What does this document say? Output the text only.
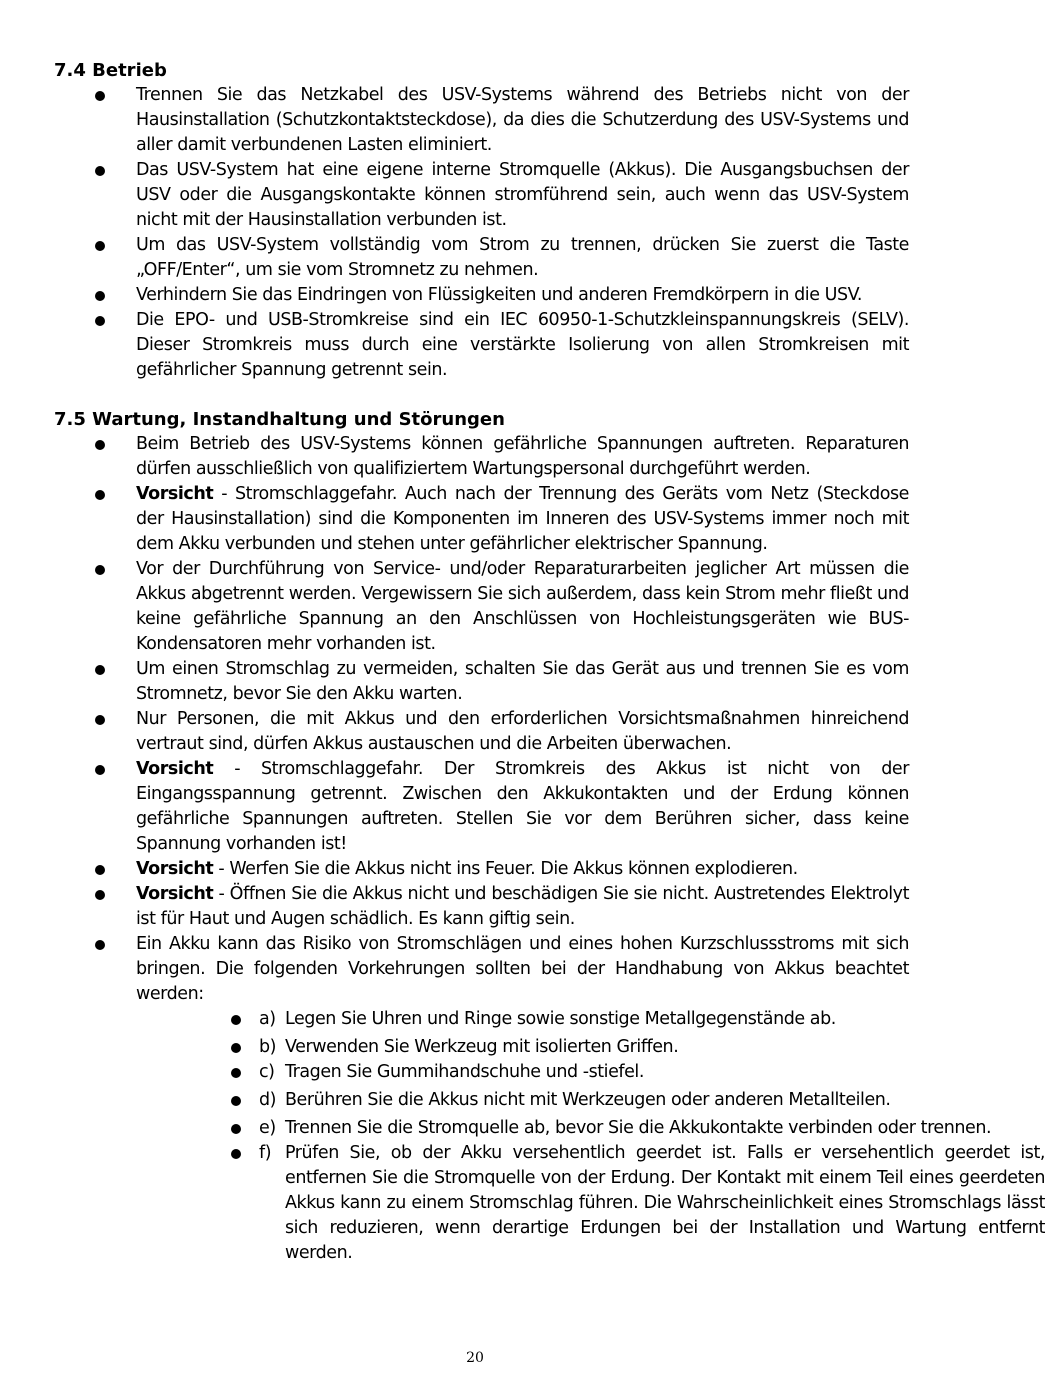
7.4 Betrieb
Trennen Sie das Netzkabel des USV-Systems während des Betriebs nicht von der Hausinstallation (Schutzkontaktsteckdose), da dies die Schutzerdung des USV-Systems und aller damit verbundenen Lasten eliminiert.
Das USV-System hat eine eigene interne Stromquelle (Akkus). Die Ausgangsbuchsen der USV oder die Ausgangskontakte können stromführend sein, auch wenn das USV-System nicht mit der Hausinstallation verbunden ist.
Um das USV-System vollständig vom Strom zu trennen, drücken Sie zuerst die Taste „OFF/Enter“, um sie vom Stromnetz zu nehmen.
Verhindern Sie das Eindringen von Flüssigkeiten und anderen Fremdkörpern in die USV.
Die EPO- und USB-Stromkreise sind ein IEC 60950-1-Schutzkleinspannungskreis (SELV). Dieser Stromkreis muss durch eine verstärkte Isolierung von allen Stromkreisen mit gefährlicher Spannung getrennt sein.
7.5 Wartung, Instandhaltung und Störungen
Beim Betrieb des USV-Systems können gefährliche Spannungen auftreten. Reparaturen dürfen ausschließlich von qualifiziertem Wartungspersonal durchgeführt werden.
Vorsicht - Stromschlaggefahr. Auch nach der Trennung des Geräts vom Netz (Steckdose der Hausinstallation) sind die Komponenten im Inneren des USV-Systems immer noch mit dem Akku verbunden und stehen unter gefährlicher elektrischer Spannung.
Vor der Durchführung von Service- und/oder Reparaturarbeiten jeglicher Art müssen die Akkus abgetrennt werden. Vergewissern Sie sich außerdem, dass kein Strom mehr fließt und keine gefährliche Spannung an den Anschlüssen von Hochleistungsgeräten wie BUS-Kondensatoren mehr vorhanden ist.
Um einen Stromschlag zu vermeiden, schalten Sie das Gerät aus und trennen Sie es vom Stromnetz, bevor Sie den Akku warten.
Nur Personen, die mit Akkus und den erforderlichen Vorsichtsmaßnahmen hinreichend vertraut sind, dürfen Akkus austauschen und die Arbeiten überwachen.
Vorsicht - Stromschlaggefahr. Der Stromkreis des Akkus ist nicht von der Eingangsspannung getrennt. Zwischen den Akkukontakten und der Erdung können gefährliche Spannungen auftreten. Stellen Sie vor dem Berühren sicher, dass keine Spannung vorhanden ist!
Vorsicht - Werfen Sie die Akkus nicht ins Feuer. Die Akkus können explodieren.
Vorsicht - Öffnen Sie die Akkus nicht und beschädigen Sie sie nicht. Austretendes Elektrolyt ist für Haut und Augen schädlich. Es kann giftig sein.
Ein Akku kann das Risiko von Stromschlägen und eines hohen Kurzschlussstroms mit sich bringen. Die folgenden Vorkehrungen sollten bei der Handhabung von Akkus beachtet werden:
a) Legen Sie Uhren und Ringe sowie sonstige Metallgegenstände ab.
b) Verwenden Sie Werkzeug mit isolierten Griffen.
c) Tragen Sie Gummihandschuhe und -stiefel.
d) Berühren Sie die Akkus nicht mit Werkzeugen oder anderen Metallteilen.
e) Trennen Sie die Stromquelle ab, bevor Sie die Akkukontakte verbinden oder trennen.
f) Prüfen Sie, ob der Akku versehentlich geerdet ist. Falls er versehentlich geerdet ist, entfernen Sie die Stromquelle von der Erdung. Der Kontakt mit einem Teil eines geerdeten Akkus kann zu einem Stromschlag führen. Die Wahrscheinlichkeit eines Stromschlags lässt sich reduzieren, wenn derartige Erdungen bei der Installation und Wartung entfernt werden.
20
